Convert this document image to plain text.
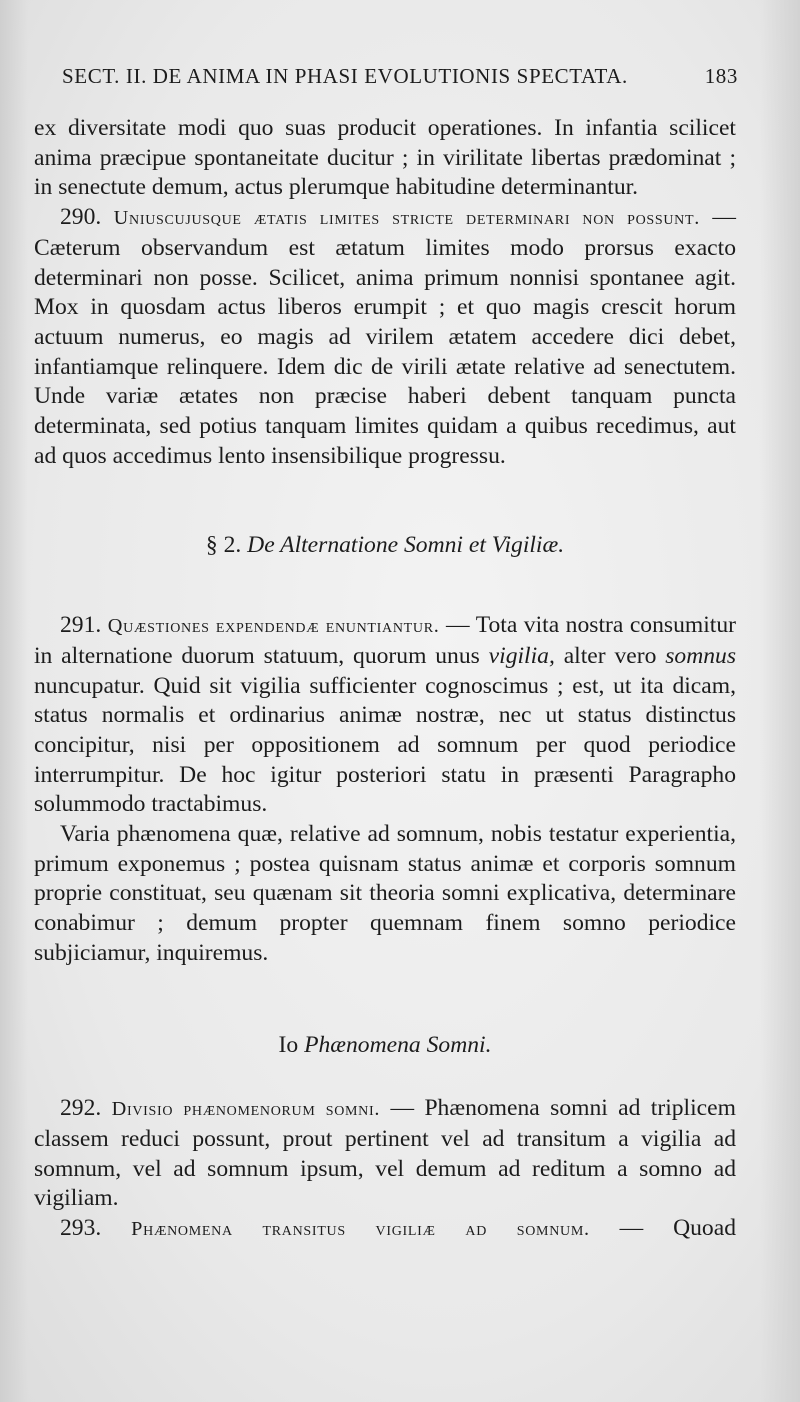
SECT. II. DE ANIMA IN PHASI EVOLUTIONIS SPECTATA.	183

ex diversitate modi quo suas producit operationes. In infantia scilicet anima præcipue spontaneitate ducitur ; in virilitate libertas prædominat ; in senectute demum, actus plerumque habitudine determinantur.

290. Uniuscujusque ætatis limites stricte determinari non possunt. — Cæterum observandum est ætatum limites modo prorsus exacto determinari non posse. Scilicet, anima primum nonnisi spontanee agit. Mox in quosdam actus liberos erumpit ; et quo magis crescit horum actuum numerus, eo magis ad virilem ætatem accedere dici debet, infantiamque relinquere. Idem dic de virili ætate relative ad senectutem. Unde variæ ætates non præcise haberi debent tanquam puncta determinata, sed potius tanquam limites quidam a quibus recedimus, aut ad quos accedimus lento insensibilique progressu.

§ 2. De Alternatione Somni et Vigiliæ.

291. Quæstiones expendendæ enuntiantur. — Tota vita nostra consumitur in alternatione duorum statuum, quorum unus vigilia, alter vero somnus nuncupatur. Quid sit vigilia sufficienter cognoscimus ; est, ut ita dicam, status normalis et ordinarius animæ nostræ, nec ut status distinctus concipitur, nisi per oppositionem ad somnum per quod periodice interrumpitur. De hoc igitur posteriori statu in præsenti Paragrapho solummodo tractabimus.

Varia phænomena quæ, relative ad somnum, nobis testatur experientia, primum exponemus ; postea quisnam status animæ et corporis somnum proprie constituat, seu quænam sit theoria somni explicativa, determinare conabimur ; demum propter quemnam finem somno periodice subjiciamur, inquiremus.

Io Phænomena Somni.

292. Divisio phænomenorum somni. — Phænomena somni ad triplicem classem reduci possunt, prout pertinent vel ad transitum a vigilia ad somnum, vel ad somnum ipsum, vel demum ad reditum a somno ad vigiliam.

293. Phænomena transitus vigiliæ ad somnum. — Quoad
